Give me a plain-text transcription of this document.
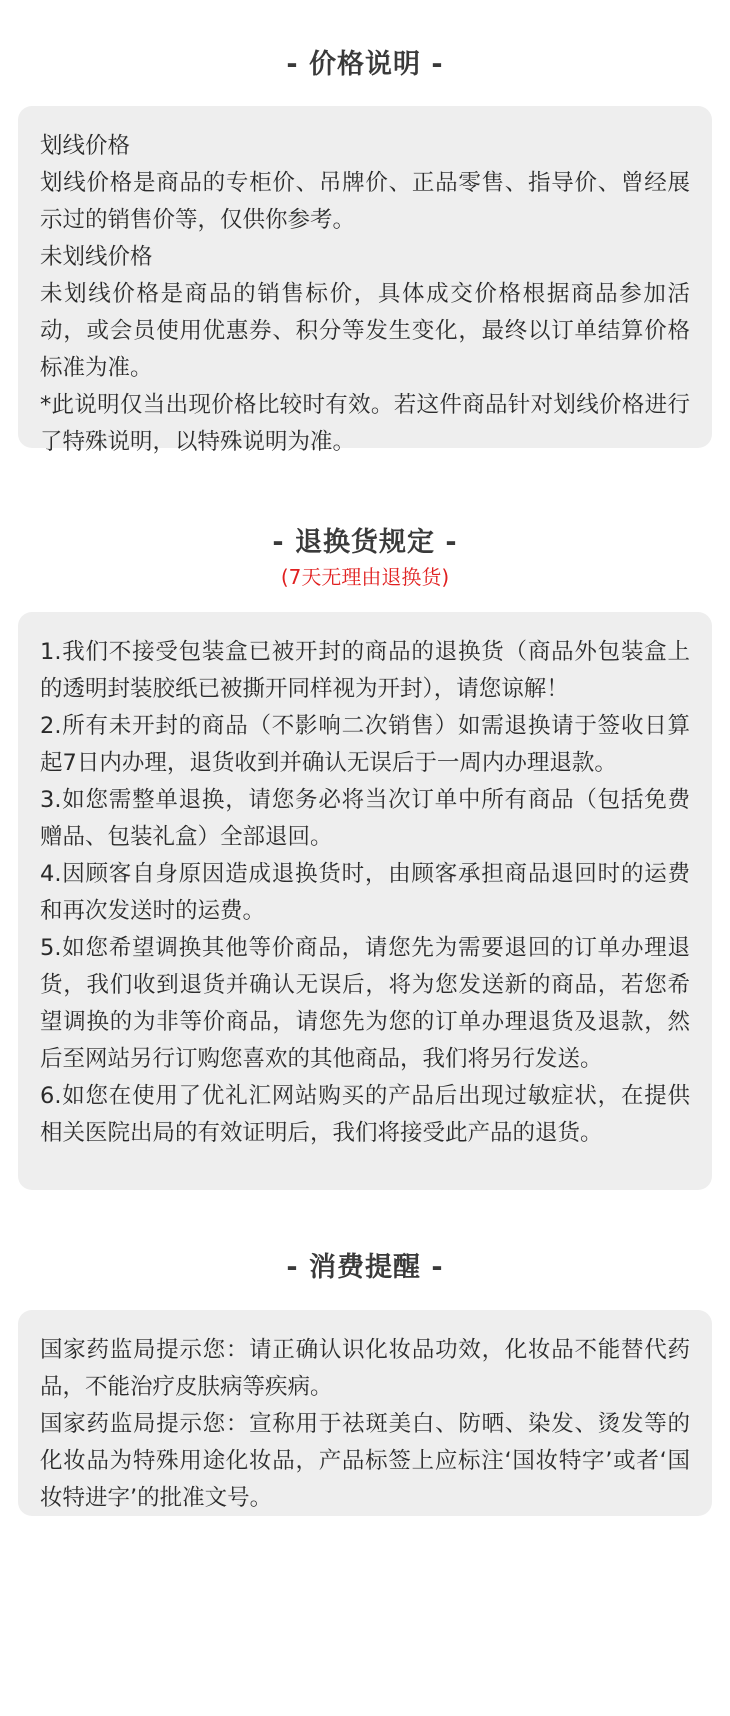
- 价格说明 -

划线价格

划线价格是商品的专柜价、吊牌价、正品零售、指导价、曾经展示过的销售价等，仅供你参考。

未划线价格

未划线价格是商品的销售标价，具体成交价格根据商品参加活动，或会员使用优惠券、积分等发生变化，最终以订单结算价格标准为准。

*此说明仅当出现价格比较时有效。若这件商品针对划线价格进行了特殊说明，以特殊说明为准。

- 退换货规定 -
(7天无理由退换货)

1.我们不接受包装盒已被开封的商品的退换货（商品外包装盒上的透明封装胶纸已被撕开同样视为开封），请您谅解！

2.所有未开封的商品（不影响二次销售）如需退换请于签收日算起7日内办理，退货收到并确认无误后于一周内办理退款。

3.如您需整单退换，请您务必将当次订单中所有商品（包括免费赠品、包装礼盒）全部退回。

4.因顾客自身原因造成退换货时，由顾客承担商品退回时的运费和再次发送时的运费。

5.如您希望调换其他等价商品，请您先为需要退回的订单办理退货，我们收到退货并确认无误后，将为您发送新的商品，若您希望调换的为非等价商品，请您先为您的订单办理退货及退款，然后至网站另行订购您喜欢的其他商品，我们将另行发送。

6.如您在使用了优礼汇网站购买的产品后出现过敏症状，在提供相关医院出局的有效证明后，我们将接受此产品的退货。

- 消费提醒 -

国家药监局提示您：请正确认识化妆品功效，化妆品不能替代药品，不能治疗皮肤病等疾病。

国家药监局提示您：宣称用于祛斑美白、防晒、染发、烫发等的化妆品为特殊用途化妆品，产品标签上应标注‘国妆特字’或者‘国妆特进字’的批准文号。
